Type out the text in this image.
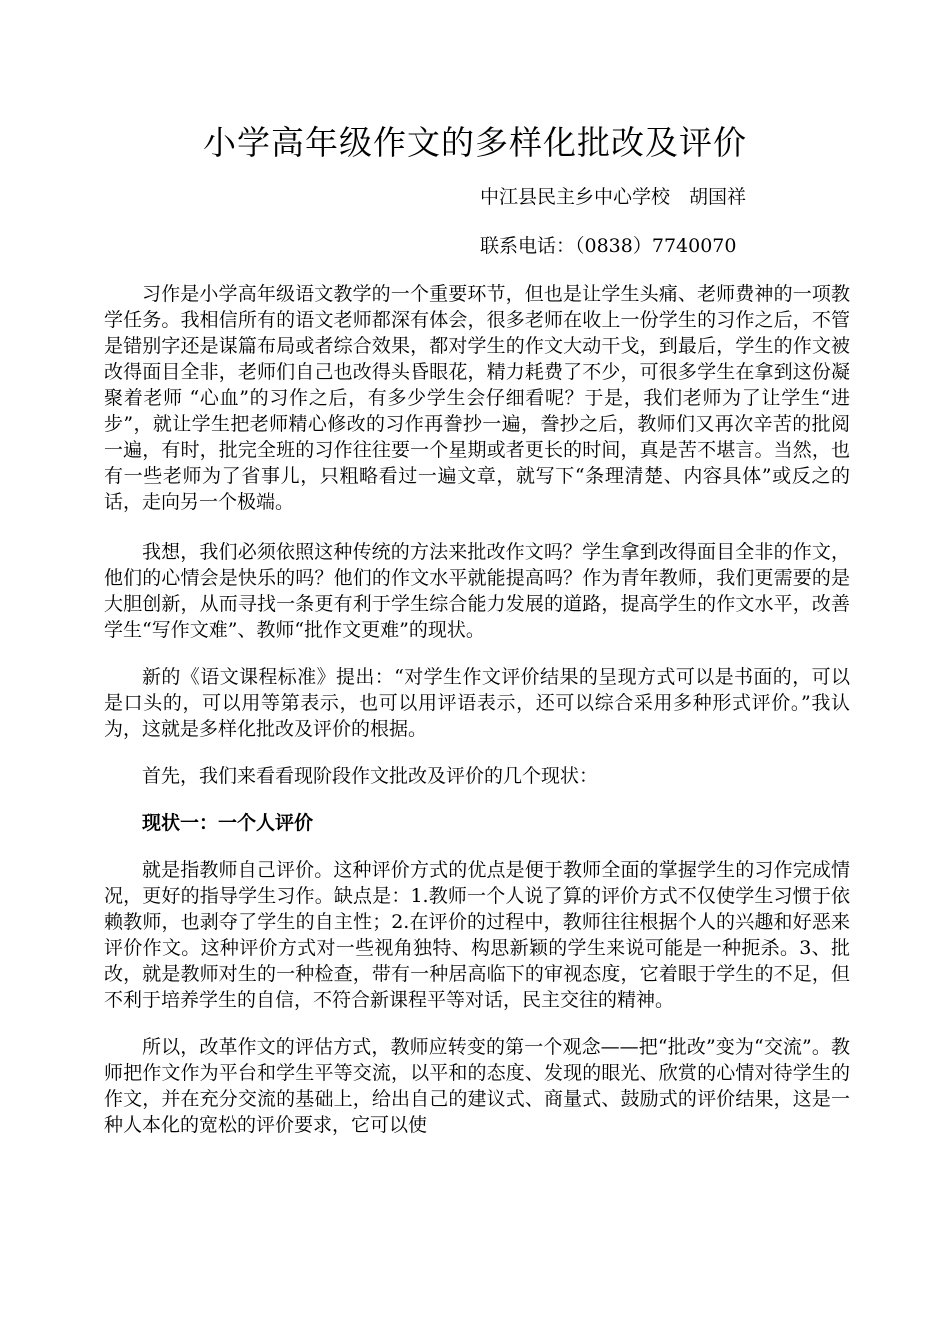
小学高年级作文的多样化批改及评价
中江县民主乡中心学校　胡国祥
联系电话：（0838）7740070

习作是小学高年级语文教学的一个重要环节，但也是让学生头痛、老师费神的一项教学任务。我相信所有的语文老师都深有体会，很多老师在收上一份学生的习作之后，不管是错别字还是谋篇布局或者综合效果，都对学生的作文大动干戈，到最后，学生的作文被改得面目全非，老师们自己也改得头昏眼花，精力耗费了不少，可很多学生在拿到这份凝聚着老师 “心血”的习作之后，有多少学生会仔细看呢？于是，我们老师为了让学生“进步”，就让学生把老师精心修改的习作再誊抄一遍，誊抄之后，教师们又再次辛苦的批阅一遍，有时，批完全班的习作往往要一个星期或者更长的时间，真是苦不堪言。当然，也有一些老师为了省事儿，只粗略看过一遍文章，就写下“条理清楚、内容具体”或反之的话，走向另一个极端。

我想，我们必须依照这种传统的方法来批改作文吗？学生拿到改得面目全非的作文，他们的心情会是快乐的吗？他们的作文水平就能提高吗？作为青年教师，我们更需要的是大胆创新，从而寻找一条更有利于学生综合能力发展的道路，提高学生的作文水平，改善学生“写作文难”、教师“批作文更难”的现状。

新的《语文课程标准》提出：“对学生作文评价结果的呈现方式可以是书面的，可以是口头的，可以用等第表示，也可以用评语表示，还可以综合采用多种形式评价。”我认为，这就是多样化批改及评价的根据。

首先，我们来看看现阶段作文批改及评价的几个现状：

现状一：一个人评价

就是指教师自己评价。这种评价方式的优点是便于教师全面的掌握学生的习作完成情况，更好的指导学生习作。缺点是：1.教师一个人说了算的评价方式不仅使学生习惯于依赖教师，也剥夺了学生的自主性；2.在评价的过程中，教师往往根据个人的兴趣和好恶来评价作文。这种评价方式对一些视角独特、构思新颖的学生来说可能是一种扼杀。3、批改，就是教师对生的一种检查，带有一种居高临下的审视态度，它着眼于学生的不足，但不利于培养学生的自信，不符合新课程平等对话，民主交往的精神。

所以，改革作文的评估方式，教师应转变的第一个观念——把“批改”变为“交流”。教师把作文作为平台和学生平等交流，以平和的态度、发现的眼光、欣赏的心情对待学生的作文，并在充分交流的基础上，给出自己的建议式、商量式、鼓励式的评价结果，这是一种人本化的宽松的评价要求，它可以使
